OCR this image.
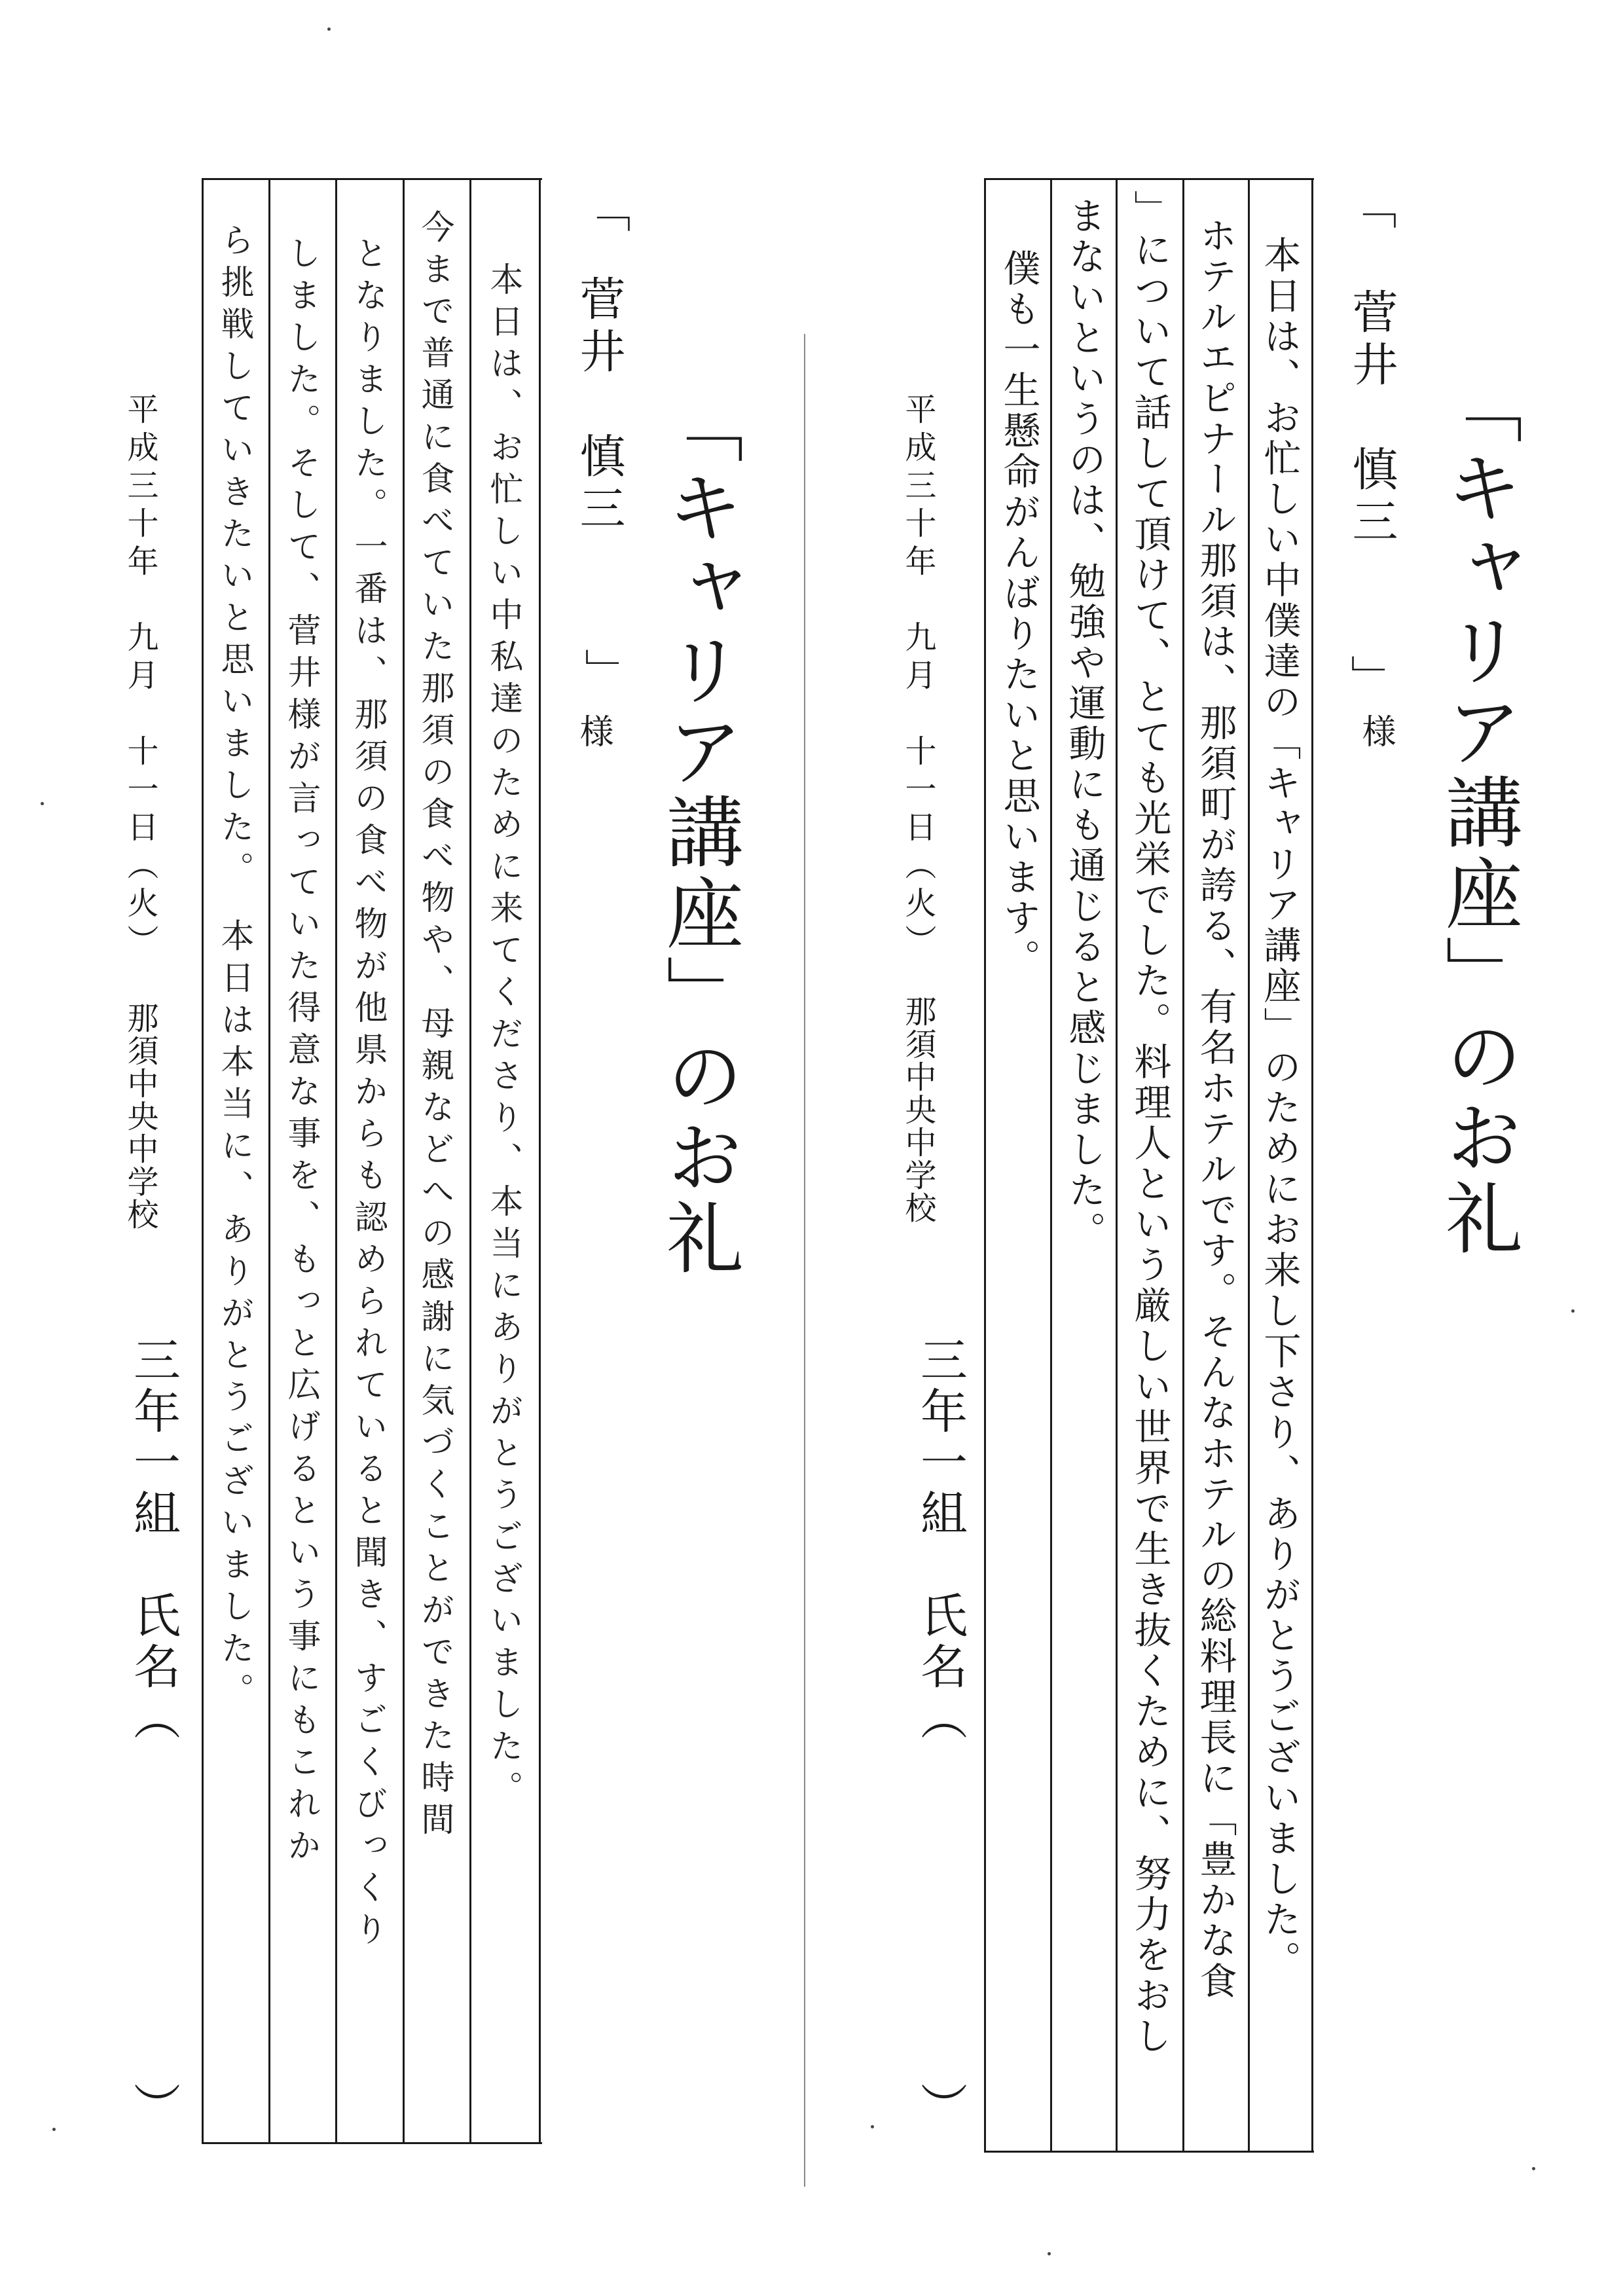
「キャリア講座」のお礼
「
菅井　慎三
」
様
本日は、お忙しい中僕達の「キャリア講座」のためにお来し下さり、ありがとうございました。
ホテルエピナール那須は、那須町が誇る、有名ホテルです。そんなホテルの総料理長に「豊かな食
」について話して頂けて、とても光栄でした。料理人という厳しい世界で生き抜くために、努力をおし
まないというのは、勉強や運動にも通じると感じました。
僕も一生懸命がんばりたいと思います。
平成三十年　九月　十一日（火）
那須中央中学校
三年一組　氏名（
）
「キャリア講座」のお礼
「
菅井　慎三
」
様
本日は、お忙しい中私達のために来てくださり、本当にありがとうございました。
今まで普通に食べていた那須の食べ物や、母親などへの感謝に気づくことができた時間
となりました。一番は、那須の食べ物が他県からも認められていると聞き、すごくびっくり
しました。そして、菅井様が言っていた得意な事を、もっと広げるという事にもこれか
ら挑戦していきたいと思いました。　本日は本当に、ありがとうございました。
平成三十年　九月　十一日（火）
那須中央中学校
三年一組　氏名（
）
